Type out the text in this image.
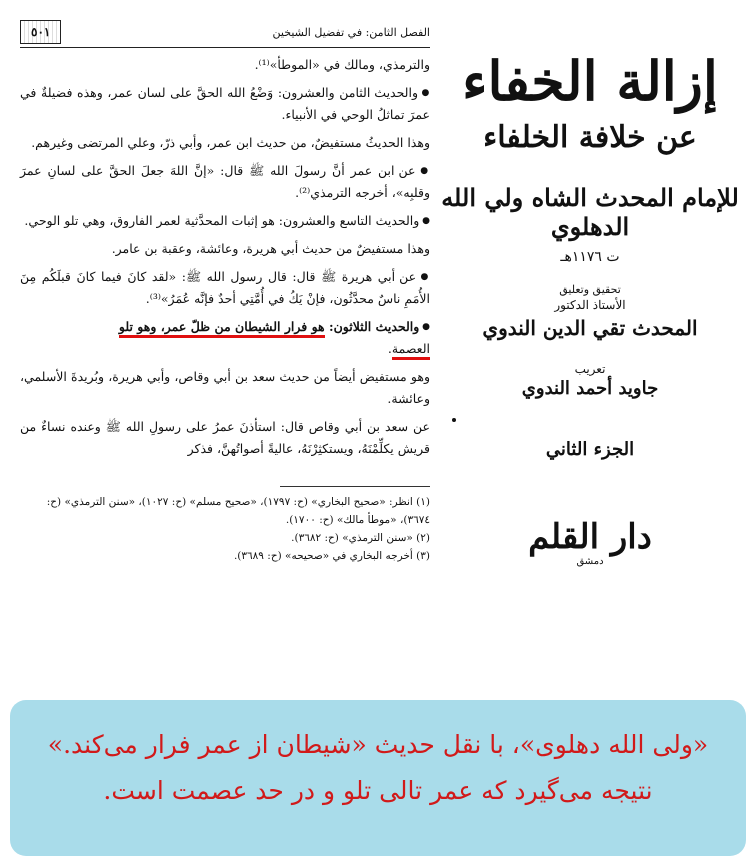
الفصل الثامن: في تفضيل الشيخين
٥٠١

والترمذي، ومالك في «الموطأ»⁽¹⁾.

● والحديث الثامن والعشرون: وَضْعُ الله الحقَّ على لسان عمر، وهذه فضيلةٌ في عمرَ تماثلُ الوحي في الأنبياء.

وهذا الحديثُ مستفيضٌ، من حديث ابن عمر، وأبي ذرّ، وعلي المرتضى وغيرهم.

● عن ابن عمر أنَّ رسولَ الله ﷺ قال: «إنَّ اللهَ جعلَ الحقَّ على لسانِ عمرَ وقلبِه»، أخرجه الترمذي⁽²⁾.

● والحديث التاسع والعشرون: هو إثبات المحدَّثية لعمر الفاروق، وهي تلو الوحي.

وهذا مستفيضٌ من حديث أبي هريرة، وعائشة، وعقبة بن عامر.

● عن أبي هريرة ﷺ قال: قال رسول الله ﷺ: «لقد كانَ فيما كانَ قبلَكُم مِنَ الأُمَمِ ناسٌ محدَّثُون، فإنْ يَكُ في أُمَّتِي أحدٌ فإنَّه عُمَرُ»⁽³⁾.

● والحديث الثلاثون: هو فرار الشيطان من ظلّ عمر، وهو تلو
العصمة.

وهو مستفيض أيضاً من حديث سعد بن أبي وقاص، وأبي هريرة، وبُريدةَ الأسلمي، وعائشة.

عن سعد بن أبي وقاص قال: استأذنَ عمرُ على رسولِ الله ﷺ وعنده نساءٌ من قريش يكلِّمْنَهُ، ويستكثِرْنَهُ، عاليةً أصواتُهنَّ، فذكر

(١) انظر: «صحيح البخاري» (ح: ١٧٩٧)، «صحيح مسلم» (ح: ١٠٢٧)، «سنن الترمذي» (ح: ٣٦٧٤)، «موطأ مالك» (ح: ١٧٠٠).

(٢) «سنن الترمذي» (ح: ٣٦٨٢).

(٣) أخرجه البخاري في «صحيحه» (ح: ٣٦٨٩).

إزالة الخفاء
عن خلافة الخلفاء
للإمام المحدث الشاه ولي الله الدهلوي
ت ١١٧٦هـ
تحقيق وتعليق
الأستاذ الدكتور
المحدث تقي الدين الندوي
تعريب
جاويد أحمد الندوي
الجزء الثاني
دار القلم
دمشق
«ولی الله دهلوی»، با نقل حدیث «شیطان از عمر فرار می‌کند.»
نتیجه می‌گیرد که عمر تالی تلو و در حد عصمت است.
